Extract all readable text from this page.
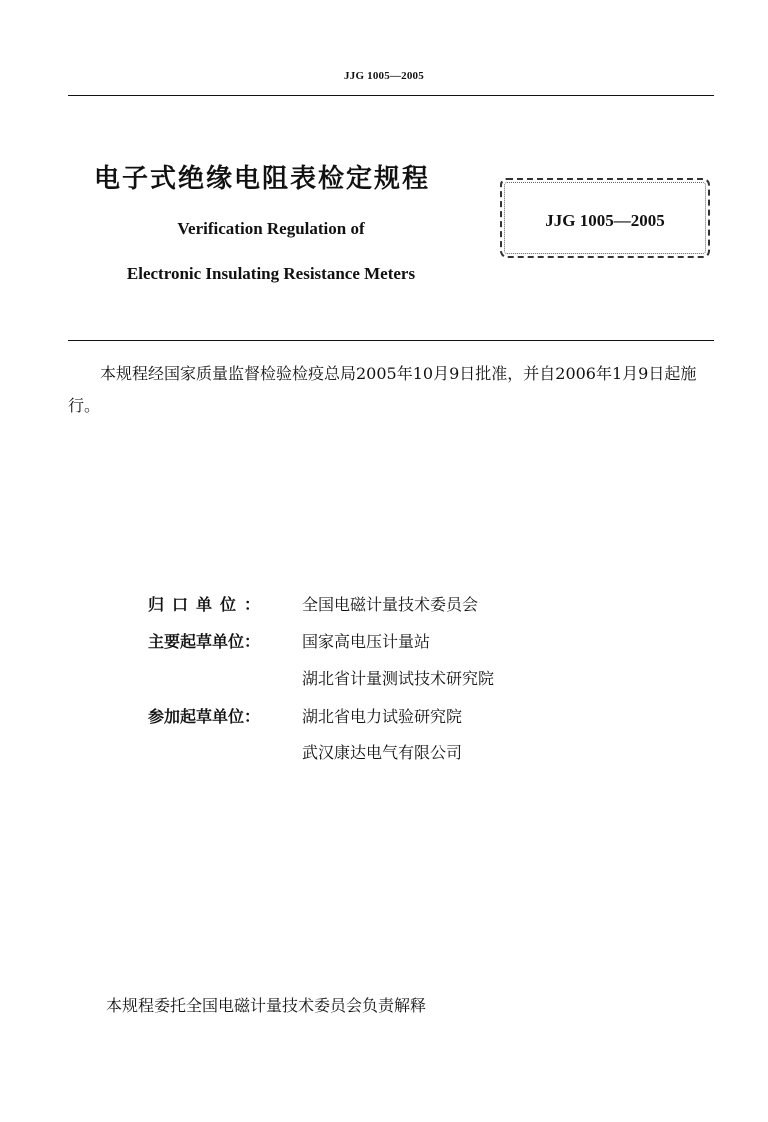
JJG 1005—2005
电子式绝缘电阻表检定规程
Verification Regulation of
Electronic Insulating Resistance Meters
JJG 1005—2005
本规程经国家质量监督检验检疫总局2005年10月9日批准，并自2006年1月9日起施行。
归口单位：	全国电磁计量技术委员会
主要起草单位：	国家高电压计量站
湖北省计量测试技术研究院
参加起草单位：	湖北省电力试验研究院
武汉康达电气有限公司
本规程委托全国电磁计量技术委员会负责解释
